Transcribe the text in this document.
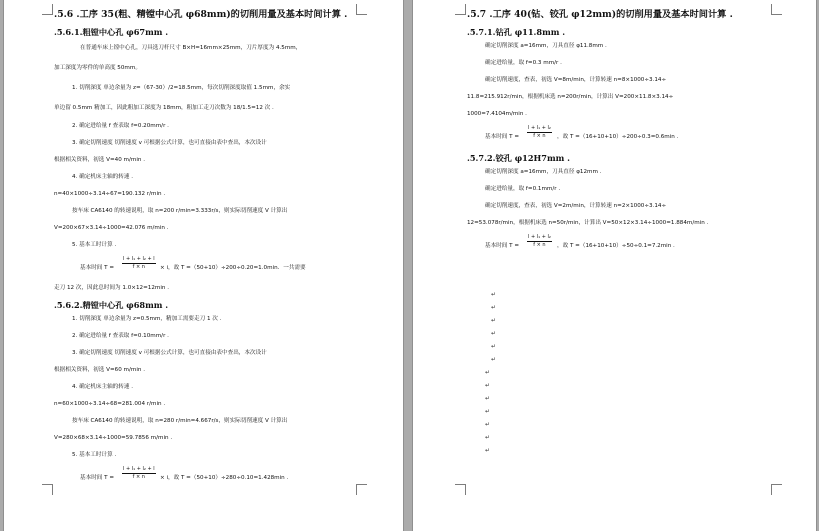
.5.6 .工序 35(粗、精镗中心孔 φ68mm)的切削用量及基本时间计算 .
.5.6.1.粗镗中心孔 φ67mm .
在普通车床上镗中心孔，刀具选刀杆尺寸 B×H=16mm×25mm，刀片厚度为 4.5mm，
加工深度为零件的单高度 50mm。
1. 切削深度 单边余量为 z=（67-30）/2=18.5mm，每次切削深度取值 1.5mm，余实
单边留 0.5mm 精加工，因此粗加工深度为 18mm，粗加工走刀次数为 18/1.5=12 次 .
2. 确定进给量 f 查表取 f=0.20mm/r .
3. 确定切削速度 切削速度 v 可根据公式计算，也可直接由表中查出，本次设计
根据相关资料，初选 V=40 m/min .
4. 确定机床主轴的转速 .
n=40×1000÷3.14÷67=190.132 r/min .
按车床 CA6140 的转速说明，取 n=200 r/min=3.333r/s，则实际切削速度 V 计算出
V=200×67×3.14÷1000=42.076 m/min .
5. 基本工时计算 .
基本时间 $T = \frac{\text{l + l₁ + l₂ + l}}{f \times n} \times i$，故 T =（50+10）÷200÷0.20=1.0min．一共需要
走刀 12 次，因此总时间为 1.0×12=12min .
.5.6.2.精镗中心孔 φ68mm .
1. 切削深度 单边余量为 z=0.5mm，精加工需要走刀 1 次 .
2. 确定进给量 f 查表取 f=0.10mm/r .
3. 确定切削速度 切削速度 v 可根据公式计算，也可直接由表中查出，本次设计
根据相关资料，初选 V=60 m/min .
4. 确定机床主轴的转速 .
n=60×1000÷3.14÷68=281.004 r/min .
按车床 CA6140 的转速说明，取 n=280 r/min=4.667r/s，则实际切削速度 V 计算出
V=280×68×3.14÷1000=59.7856 m/min .
5. 基本工时计算 .
基本时间 $T = \frac{\text{l + l₁ + l₂ + l}}{f \times n} \times i$，故 T =（50+10）÷280÷0.10=1.428min .
.5.7 .工序 40(钻、铰孔 φ12mm)的切削用量及基本时间计算 .
.5.7.1.钻孔 φ11.8mm .
确定切削深度 a=16mm，刀具直径 φ11.8mm .
确定进给量，取 f=0.3 mm/r .
确定切削速度，查表，初选 V=8m/min，计算转速 n=8×1000÷3.14÷
11.8=215.912r/min，根据机床选 n=200r/min，计算出 V=200×11.8×3.14÷
1000=7.4104m/min .
基本时间 $T = \frac{\text{l + l₁ + l₂}}{f \times n}$ ，故 T =（16+10+10）÷200÷0.3=0.6min .
.5.7.2.铰孔 φ12H7mm .
确定切削深度 a=16mm，刀具直径 φ12mm .
确定进给量，取 f=0.1mm/r .
确定切削速度，查表，初选 V=2m/min，计算转速 n=2×1000÷3.14÷
12=53.078r/min，根据机床选 n=50r/min，计算出 V=50×12×3.14÷1000=1.884m/min .
基本时间 $T = \frac{\text{l + l₁ + l₂}}{f \times n}$ ，故 T =（16+10+10）÷50÷0.1=7.2min .
↵
↵
↵
↵
↵
↵
↵
↵
↵
↵
↵
↵
↵
